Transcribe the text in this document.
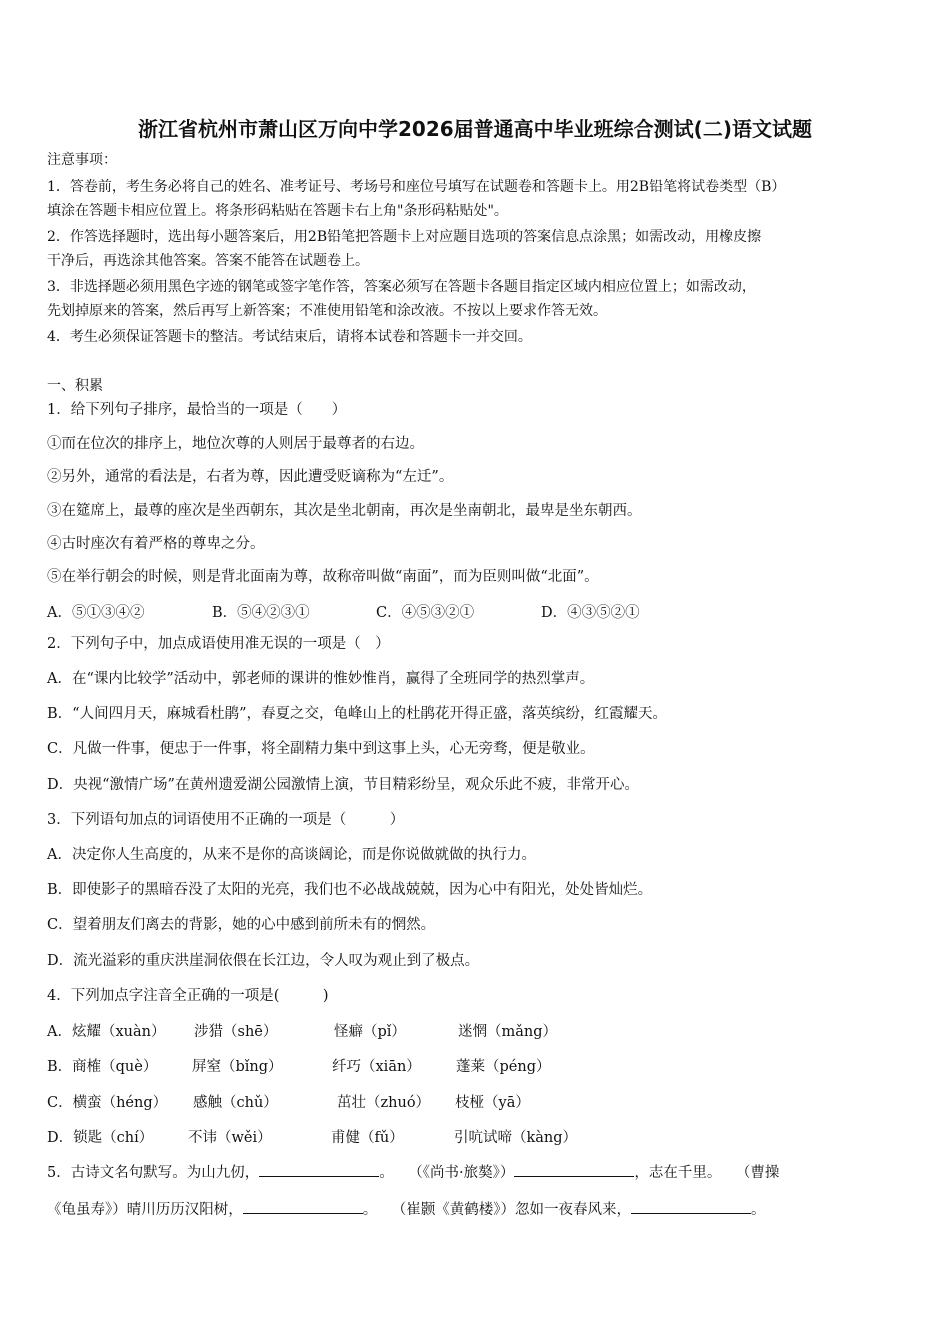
浙江省杭州市萧山区万向中学2026届普通高中毕业班综合测试(二)语文试题
注意事项：
1．答卷前，考生务必将自己的姓名、准考证号、考场号和座位号填写在试题卷和答题卡上。用2B铅笔将试卷类型（B）
填涂在答题卡相应位置上。将条形码粘贴在答题卡右上角"条形码粘贴处"。
2．作答选择题时，选出每小题答案后，用2B铅笔把答题卡上对应题目选项的答案信息点涂黑；如需改动，用橡皮擦
干净后，再选涂其他答案。答案不能答在试题卷上。
3．非选择题必须用黑色字迹的钢笔或签字笔作答，答案必须写在答题卡各题目指定区域内相应位置上；如需改动，
先划掉原来的答案，然后再写上新答案；不准使用铅笔和涂改液。不按以上要求作答无效。
4．考生必须保证答题卡的整洁。考试结束后，请将本试卷和答题卡一并交回。
一、积累
1．给下列句子排序，最恰当的一项是（　　）
①而在位次的排序上，地位次尊的人则居于最尊者的右边。
②另外，通常的看法是，右者为尊，因此遭受贬谪称为“左迁”。
③在筵席上，最尊的座次是坐西朝东，其次是坐北朝南，再次是坐南朝北，最卑是坐东朝西。
④古时座次有着严格的尊卑之分。
⑤在举行朝会的时候，则是背北面南为尊，故称帝叫做“南面”，而为臣则叫做“北面”。
A．⑤①③④②	B．⑤④②③①	C．④⑤③②①	D．④③⑤②①
2．下列句子中，加点成语使用准无误的一项是（　）
A．在“课内比较学”活动中，郭老师的课讲的惟妙惟肖，赢得了全班同学的热烈掌声。
B．“人间四月天，麻城看杜鹃”，春夏之交，龟峰山上的杜鹃花开得正盛，落英缤纷，红霞耀天。
C．凡做一件事，便忠于一件事，将全副精力集中到这事上头，心无旁骛，便是敬业。
D．央视“激情广场”在黄州遗爱湖公园激情上演，节目精彩纷呈，观众乐此不疲，非常开心。
3．下列语句加点的词语使用不正确的一项是（　　　）
A．决定你人生高度的，从来不是你的高谈阔论，而是你说做就做的执行力。
B．即使影子的黑暗吞没了太阳的光亮，我们也不必战战兢兢，因为心中有阳光，处处皆灿烂。
C．望着朋友们离去的背影，她的心中感到前所未有的惘然。
D．流光溢彩的重庆洪崖洞依偎在长江边，令人叹为观止到了极点。
4．下列加点字注音全正确的一项是(　　　)
A．炫耀（xuàn） 涉猎（shē）	怪癖（pǐ）	迷惘（mǎng）
B．商榷（què） 屏窒（bǐng）	纤巧（xiān） 蓬莱（péng）
C．横蛮（héng） 感触（chǔ）	茁壮（zhuó） 枝桠（yā）
D．锁匙（chí） 不讳（wěi）	甫健（fǔ）	引吭试啼（kàng）
5．古诗文名句默写。为山九仞，	。　　（《尚书·旅獒》）	，志在千里。　　（曹操
《龟虽寿》）晴川历历汉阳树，	。　　（崔颢《黄鹤楼》）忽如一夜春风来，	。
